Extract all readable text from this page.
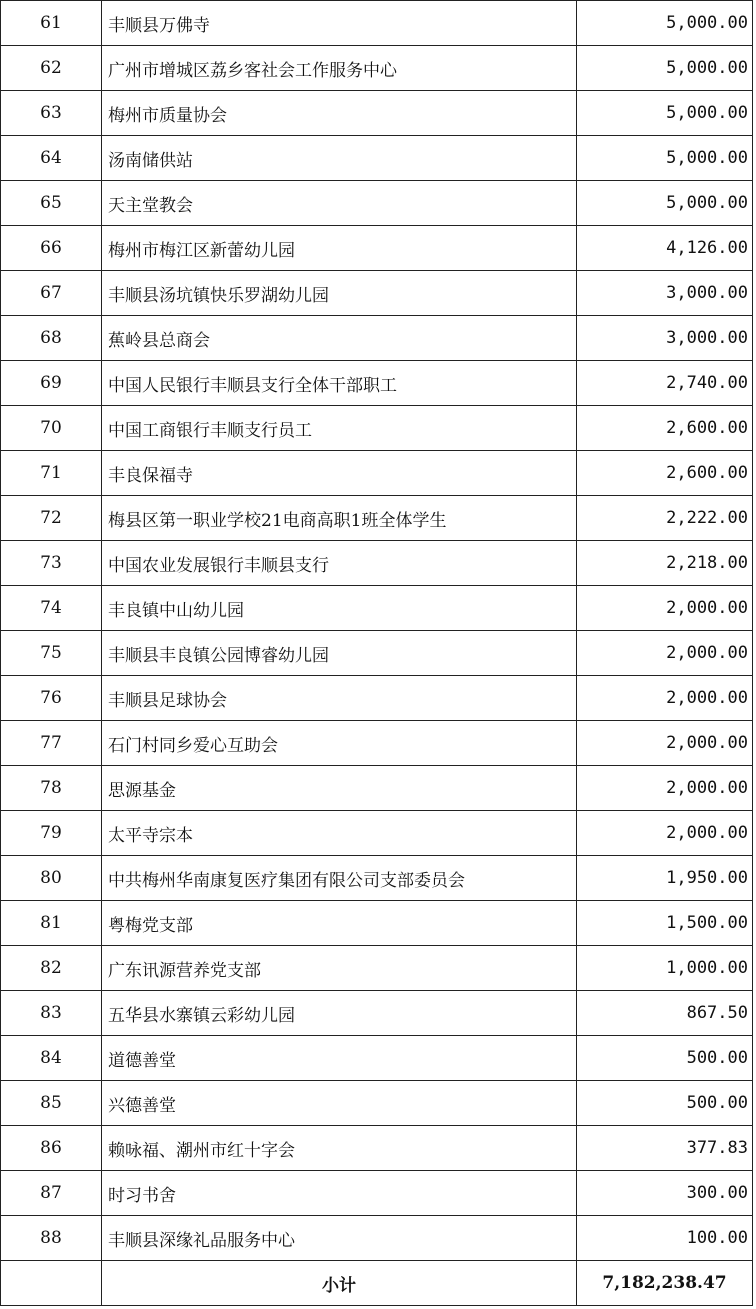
61	丰顺县万佛寺	5,000.00
62	广州市增城区荔乡客社会工作服务中心	5,000.00
63	梅州市质量协会	5,000.00
64	汤南储供站	5,000.00
65	天主堂教会	5,000.00
66	梅州市梅江区新蕾幼儿园	4,126.00
67	丰顺县汤坑镇快乐罗湖幼儿园	3,000.00
68	蕉岭县总商会	3,000.00
69	中国人民银行丰顺县支行全体干部职工	2,740.00
70	中国工商银行丰顺支行员工	2,600.00
71	丰良保福寺	2,600.00
72	梅县区第一职业学校21电商高职1班全体学生	2,222.00
73	中国农业发展银行丰顺县支行	2,218.00
74	丰良镇中山幼儿园	2,000.00
75	丰顺县丰良镇公园博睿幼儿园	2,000.00
76	丰顺县足球协会	2,000.00
77	石门村同乡爱心互助会	2,000.00
78	思源基金	2,000.00
79	太平寺宗本	2,000.00
80	中共梅州华南康复医疗集团有限公司支部委员会	1,950.00
81	粤梅党支部	1,500.00
82	广东讯源营养党支部	1,000.00
83	五华县水寨镇云彩幼儿园	867.50
84	道德善堂	500.00
85	兴德善堂	500.00
86	赖咏福、潮州市红十字会	377.83
87	时习书舍	300.00
88	丰顺县深缘礼品服务中心	100.00
	小计	7,182,238.47
